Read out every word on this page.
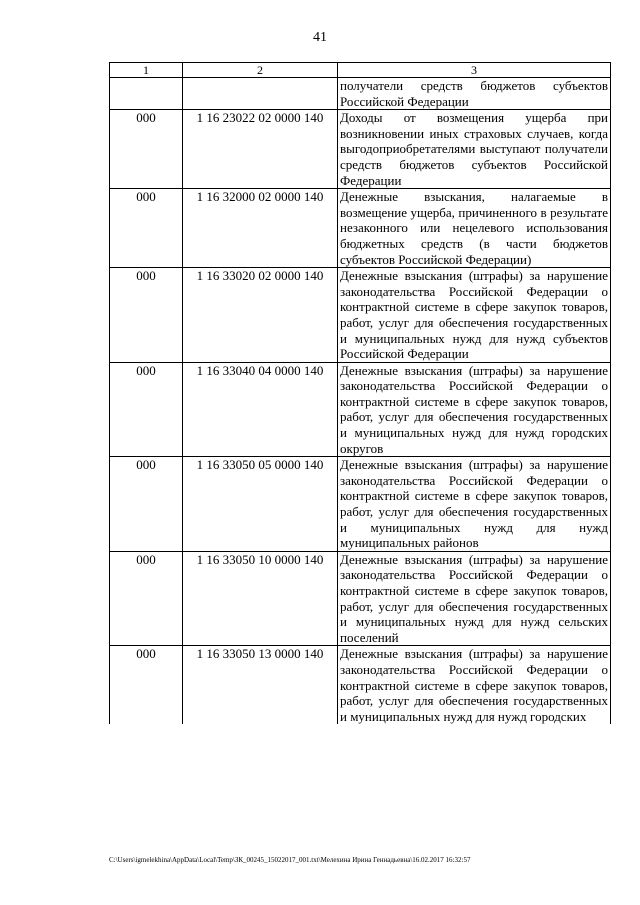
41
1	2	3
		получатели средств бюджетов субъектов Российской Федерации
000	1 16 23022 02 0000 140	Доходы от возмещения ущерба при возникновении иных страховых случаев, когда выгодоприобретателями выступают получатели средств бюджетов субъектов Российской Федерации
000	1 16 32000 02 0000 140	Денежные взыскания, налагаемые в возмещение ущерба, причиненного в результате незаконного или нецелевого использования бюджетных средств (в части бюджетов субъектов Российской Федерации)
000	1 16 33020 02 0000 140	Денежные взыскания (штрафы) за нарушение законодательства Российской Федерации о контрактной системе в сфере закупок товаров, работ, услуг для обеспечения государственных и муниципальных нужд для нужд субъектов Российской Федерации
000	1 16 33040 04 0000 140	Денежные взыскания (штрафы) за нарушение законодательства Российской Федерации о контрактной системе в сфере закупок товаров, работ, услуг для обеспечения государственных и муниципальных нужд для нужд городских округов
000	1 16 33050 05 0000 140	Денежные взыскания (штрафы) за нарушение законодательства Российской Федерации о контрактной системе в сфере закупок товаров, работ, услуг для обеспечения государственных и муниципальных нужд для нужд муниципальных районов
000	1 16 33050 10 0000 140	Денежные взыскания (штрафы) за нарушение законодательства Российской Федерации о контрактной системе в сфере закупок товаров, работ, услуг для обеспечения государственных и муниципальных нужд для нужд сельских поселений
000	1 16 33050 13 0000 140	Денежные взыскания (штрафы) за нарушение законодательства Российской Федерации о контрактной системе в сфере закупок товаров, работ, услуг для обеспечения государственных и муниципальных нужд для нужд городских
C:\Users\igmelekhina\AppData\Local\Temp\ЗК_00245_15022017_001.txt\Мелехина Ирина Геннадьевна\16.02.2017 16:32:57
